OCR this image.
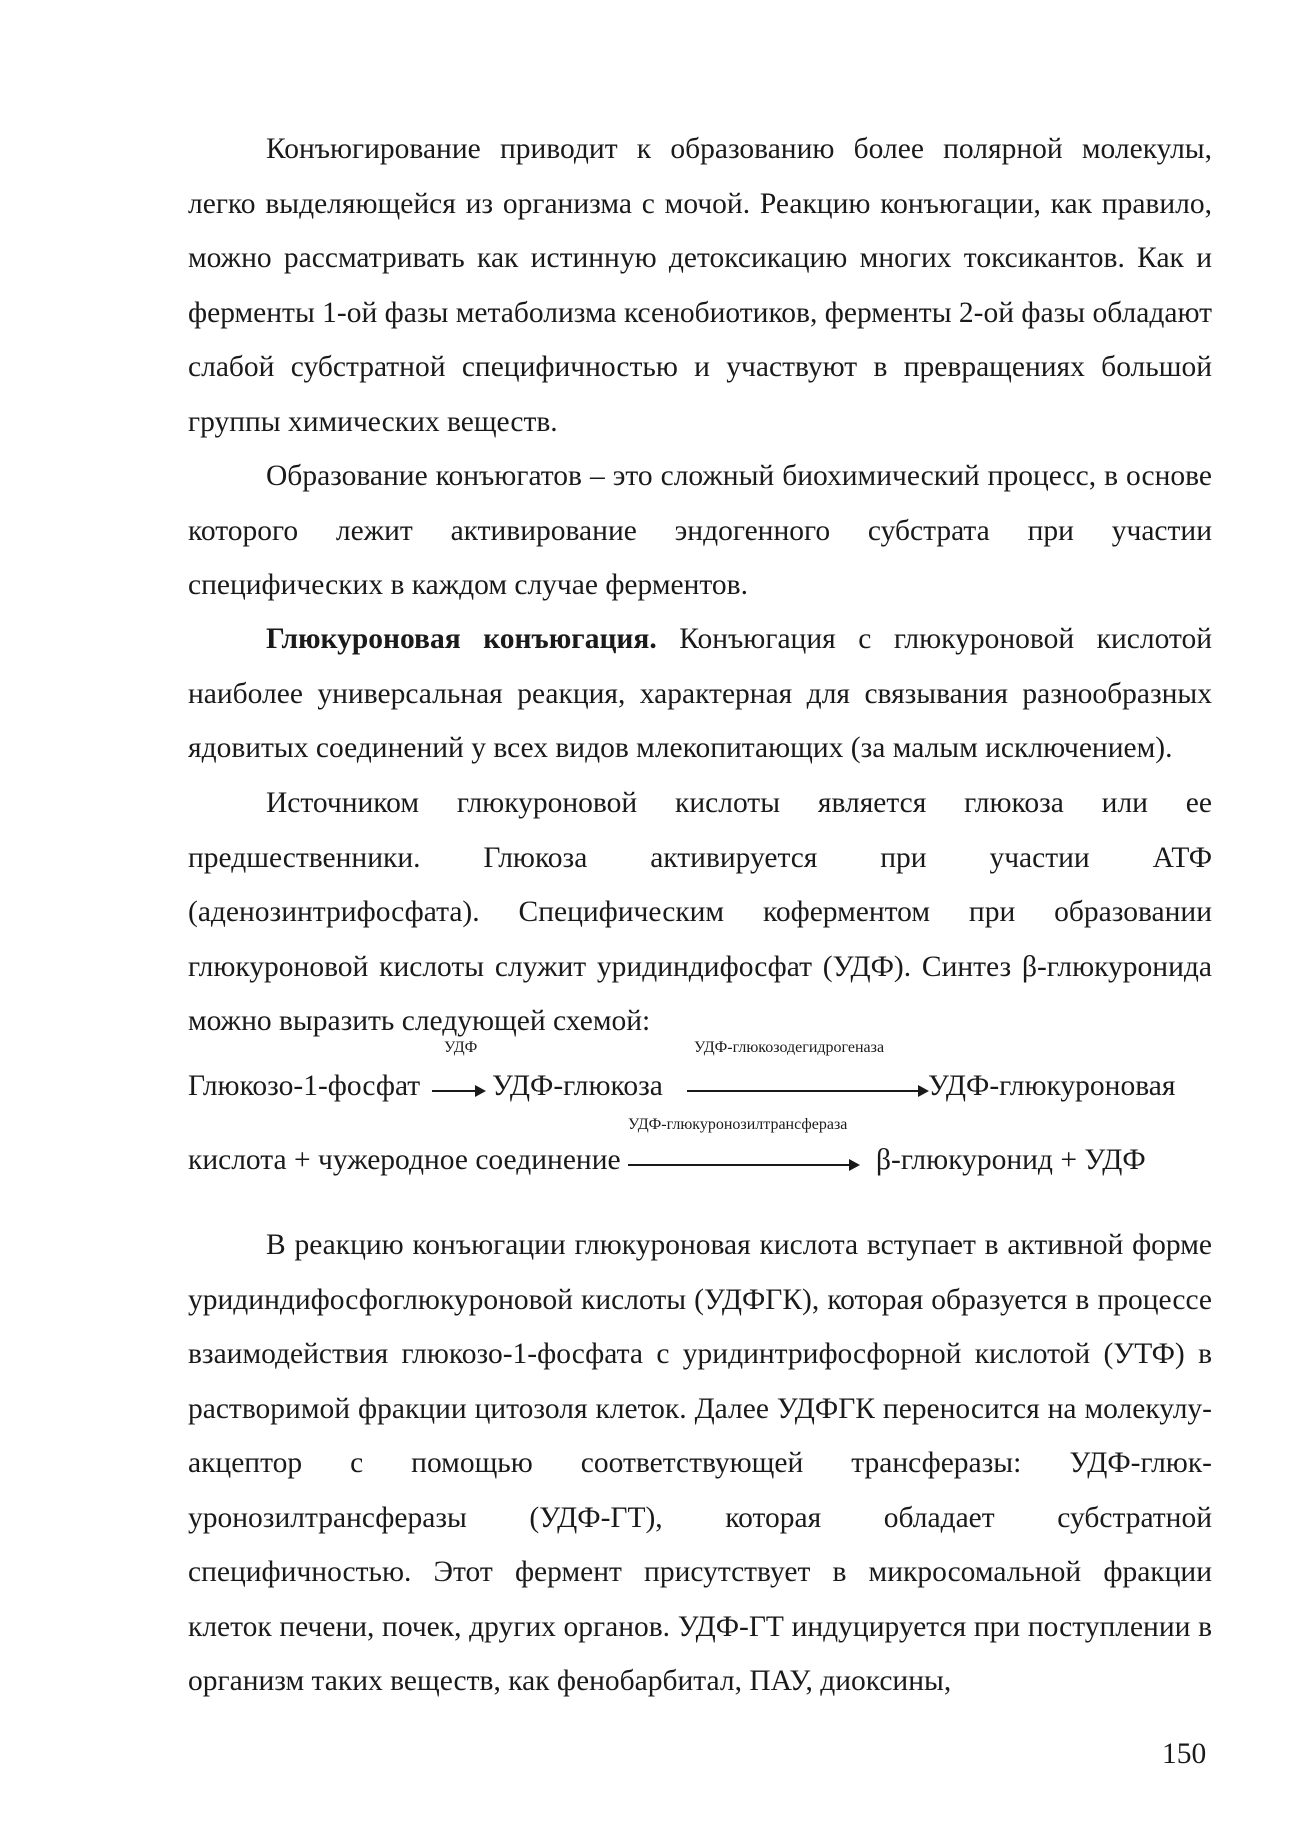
Конъюгирование приводит к образованию более полярной молекулы, легко выделяющейся из организма с мочой. Реакцию конъюгации, как правило, можно рассматривать как истинную детоксикацию многих токсикантов. Как и ферменты 1-ой фазы метаболизма ксенобиотиков, ферменты 2-ой фазы обладают слабой субстратной специфичностью и участвуют в превращениях большой группы химических веществ.

Образование конъюгатов – это сложный биохимический процесс, в основе которого лежит активирование эндогенного субстрата при участии специфических в каждом случае ферментов.

Глюкуроновая конъюгация. Конъюгация с глюкуроновой кислотой наиболее универсальная реакция, характерная для связывания разнообразных ядовитых соединений у всех видов млекопитающих (за малым исключением).

Источником глюкуроновой кислоты является глюкоза или ее предшественники. Глюкоза активируется при участии АТФ (аденозинтрифосфата). Специфическим коферментом при образовании глюкуроновой кислоты служит уридиндифосфат (УДФ). Синтез β-глюкуронида можно выразить следующей схемой:

УДФ	УДФ-глюкозодегидрогеназа
Глюкозо-1-фосфат → УДФ-глюкоза	УДФ-глюкуроновая
УДФ-глюкуронозилтрансфераза
кислота + чужеродное соединение	β-глюкуронид + УДФ

В реакцию конъюгации глюкуроновая кислота вступает в активной форме уридиндифосфоглюкуроновой кислоты (УДФГК), которая образуется в процессе взаимодействия глюкозо-1-фосфата с уридинтрифосфорной кислотой (УТФ) в растворимой фракции цитозоля клеток. Далее УДФГК переносится на молекулу-акцептор с помощью соответствующей трансферазы: УДФ-глюк-уронозилтрансферазы (УДФ-ГТ), которая обладает субстратной специфичностью. Этот фермент присутствует в микросомальной фракции клеток печени, почек, других органов. УДФ-ГТ индуцируется при поступлении в организм таких веществ, как фенобарбитал, ПАУ, диоксины,

150
